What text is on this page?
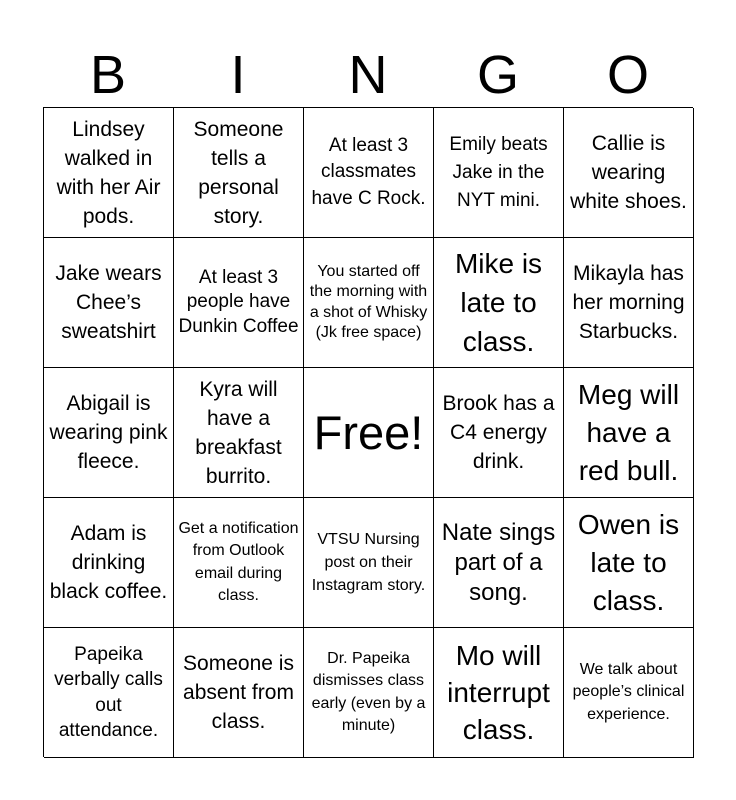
B	I	N	G	O
Lindsey walked in with her Air pods.
Someone tells a personal story.
At least 3 classmates have C Rock.
Emily beats Jake in the NYT mini.
Callie is wearing white shoes.
Jake wears Chee’s sweatshirt
At least 3 people have Dunkin Coffee
You started off the morning with a shot of Whisky (Jk free space)
Mike is late to class.
Mikayla has her morning Starbucks.
Abigail is wearing pink fleece.
Kyra will have a breakfast burrito.
Free!
Brook has a C4 energy drink.
Meg will have a red bull.
Adam is drinking black coffee.
Get a notification from Outlook email during class.
VTSU Nursing post on their Instagram story.
Nate sings part of a song.
Owen is late to class.
Papeika verbally calls out attendance.
Someone is absent from class.
Dr. Papeika dismisses class early (even by a minute)
Mo will interrupt class.
We talk about people’s clinical experience.
